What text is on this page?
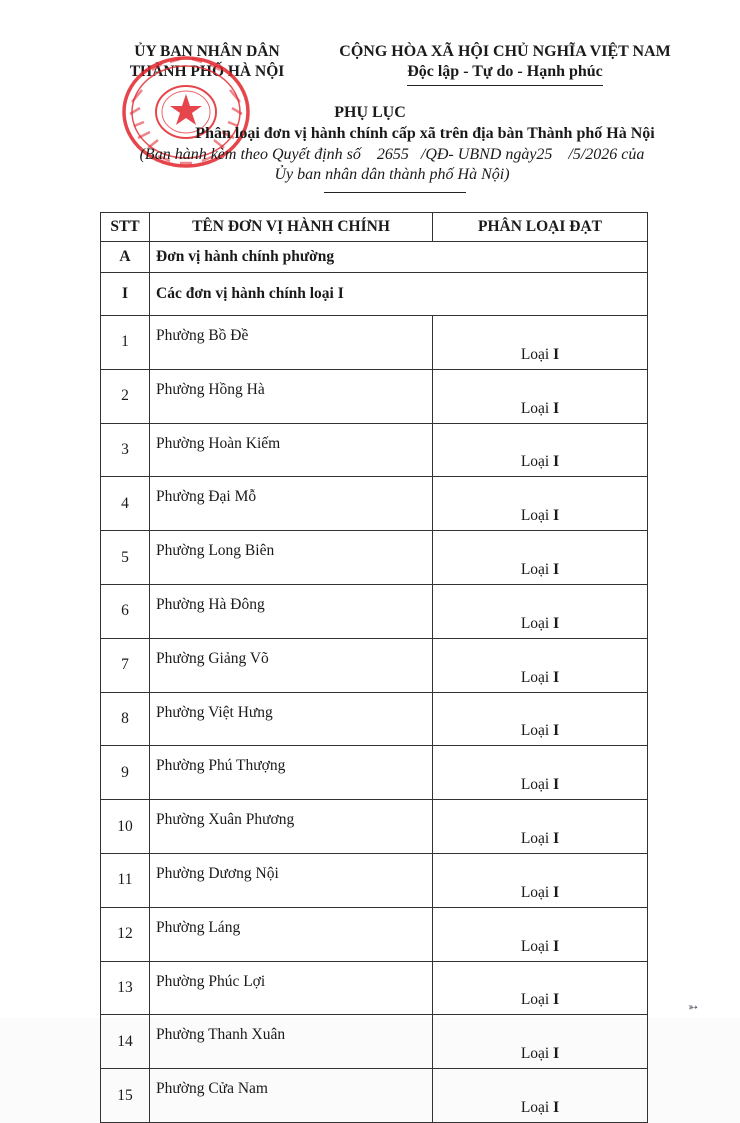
ỦY BAN NHÂN DÂN
THÀNH PHỐ HÀ NỘI
CỘNG HÒA XÃ HỘI CHỦ NGHĨA VIỆT NAM
Độc lập - Tự do - Hạnh phúc
PHỤ LỤC
Phân loại đơn vị hành chính cấp xã trên địa bàn Thành phố Hà Nội
(Ban hành kèm theo Quyết định số    2655   /QĐ- UBND ngày25    /5/2026 của
Ủy ban nhân dân thành phố Hà Nội)
STT	TÊN ĐƠN VỊ HÀNH CHÍNH	PHÂN LOẠI ĐẠT
A	Đơn vị hành chính phường	
I	Các đơn vị hành chính loại I	
1	Phường Bồ Đề	Loại I
2	Phường Hồng Hà	Loại I
3	Phường Hoàn Kiếm	Loại I
4	Phường Đại Mỗ	Loại I
5	Phường Long Biên	Loại I
6	Phường Hà Đông	Loại I
7	Phường Giảng Võ	Loại I
8	Phường Việt Hưng	Loại I
9	Phường Phú Thượng	Loại I
10	Phường Xuân Phương	Loại I
11	Phường Dương Nội	Loại I
12	Phường Láng	Loại I
13	Phường Phúc Lợi	Loại I
14	Phường Thanh Xuân	Loại I
15	Phường Cửa Nam	Loại I
➳
